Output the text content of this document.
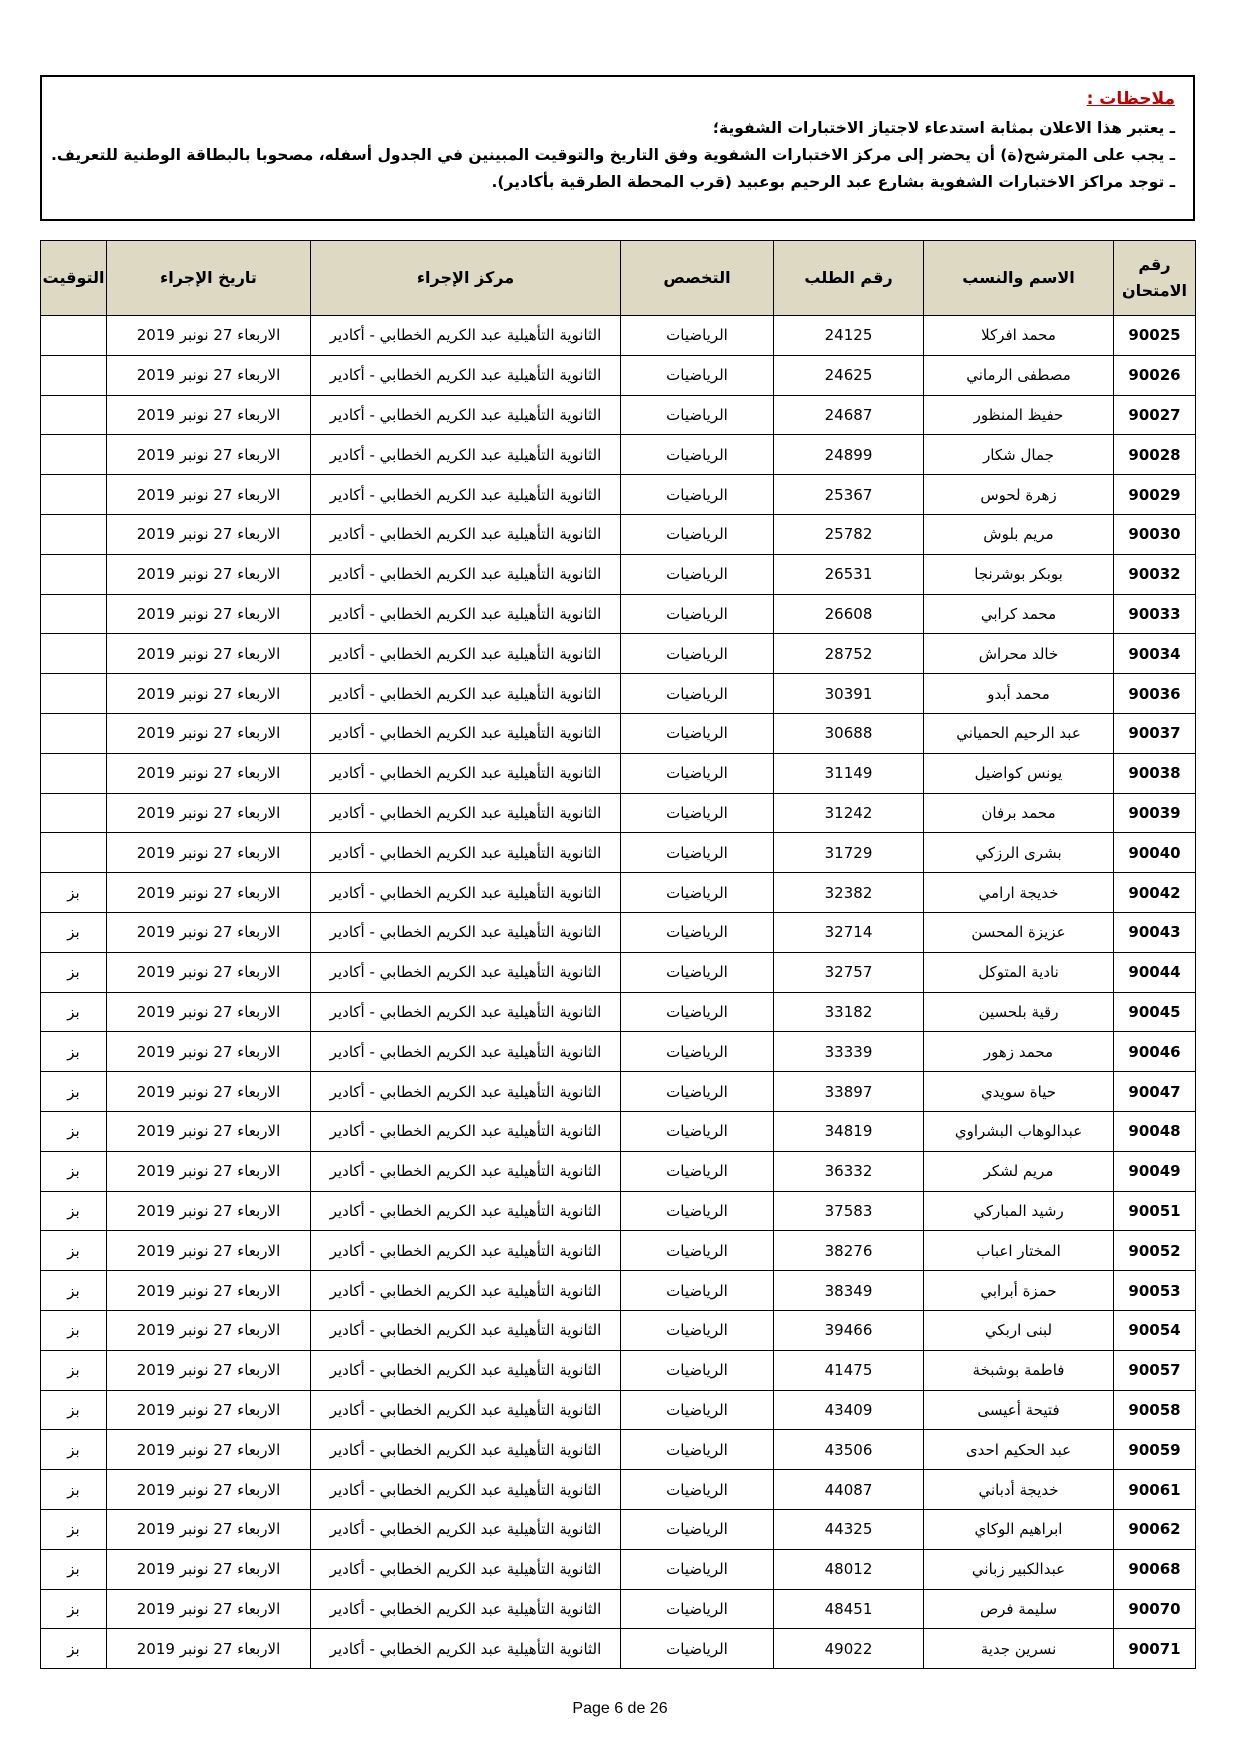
ملاحظات :
ـ يعتبر هذا الاعلان بمثابة استدعاء لاجتياز الاختبارات الشفوية؛
ـ يجب على المترشح(ة) أن يحضر إلى مركز الاختبارات الشفوية وفق التاريخ والتوقيت المبينين في الجدول أسفله، مصحوبا بالبطاقة الوطنية للتعريف.
ـ توجد مراكز الاختبارات الشفوية بشارع عبد الرحيم بوعبيد (قرب المحطة الطرقية بأكادير).
رقم الامتحان	الاسم والنسب	رقم الطلب	التخصص	مركز الإجراء	تاريخ الإجراء	التوقيت
90025	محمد افركلا	24125	الرياضيات	الثانوية التأهيلية عبد الكريم الخطابي - أكادير	الاربعاء 27 نونبر 2019	
90026	مصطفى الرماني	24625	الرياضيات	الثانوية التأهيلية عبد الكريم الخطابي - أكادير	الاربعاء 27 نونبر 2019	
90027	حفيظ المنظور	24687	الرياضيات	الثانوية التأهيلية عبد الكريم الخطابي - أكادير	الاربعاء 27 نونبر 2019	
90028	جمال شكار	24899	الرياضيات	الثانوية التأهيلية عبد الكريم الخطابي - أكادير	الاربعاء 27 نونبر 2019	
90029	زهرة لحوس	25367	الرياضيات	الثانوية التأهيلية عبد الكريم الخطابي - أكادير	الاربعاء 27 نونبر 2019	
90030	مريم بلوش	25782	الرياضيات	الثانوية التأهيلية عبد الكريم الخطابي - أكادير	الاربعاء 27 نونبر 2019	
90032	بوبكر بوشرنجا	26531	الرياضيات	الثانوية التأهيلية عبد الكريم الخطابي - أكادير	الاربعاء 27 نونبر 2019	
90033	محمد كرابي	26608	الرياضيات	الثانوية التأهيلية عبد الكريم الخطابي - أكادير	الاربعاء 27 نونبر 2019	
90034	خالد محراش	28752	الرياضيات	الثانوية التأهيلية عبد الكريم الخطابي - أكادير	الاربعاء 27 نونبر 2019	
90036	محمد أبدو	30391	الرياضيات	الثانوية التأهيلية عبد الكريم الخطابي - أكادير	الاربعاء 27 نونبر 2019	
90037	عبد الرحيم الحمياني	30688	الرياضيات	الثانوية التأهيلية عبد الكريم الخطابي - أكادير	الاربعاء 27 نونبر 2019	
90038	يونس كواضيل	31149	الرياضيات	الثانوية التأهيلية عبد الكريم الخطابي - أكادير	الاربعاء 27 نونبر 2019	
90039	محمد برفان	31242	الرياضيات	الثانوية التأهيلية عبد الكريم الخطابي - أكادير	الاربعاء 27 نونبر 2019	
90040	بشرى الرزكي	31729	الرياضيات	الثانوية التأهيلية عبد الكريم الخطابي - أكادير	الاربعاء 27 نونبر 2019	
90042	خديجة ارامي	32382	الرياضيات	الثانوية التأهيلية عبد الكريم الخطابي - أكادير	الاربعاء 27 نونبر 2019	بز
90043	عزيزة المحسن	32714	الرياضيات	الثانوية التأهيلية عبد الكريم الخطابي - أكادير	الاربعاء 27 نونبر 2019	بز
90044	نادية المتوكل	32757	الرياضيات	الثانوية التأهيلية عبد الكريم الخطابي - أكادير	الاربعاء 27 نونبر 2019	بز
90045	رقية بلحسين	33182	الرياضيات	الثانوية التأهيلية عبد الكريم الخطابي - أكادير	الاربعاء 27 نونبر 2019	بز
90046	محمد زهور	33339	الرياضيات	الثانوية التأهيلية عبد الكريم الخطابي - أكادير	الاربعاء 27 نونبر 2019	بز
90047	حياة سويدي	33897	الرياضيات	الثانوية التأهيلية عبد الكريم الخطابي - أكادير	الاربعاء 27 نونبر 2019	بز
90048	عبدالوهاب البشراوي	34819	الرياضيات	الثانوية التأهيلية عبد الكريم الخطابي - أكادير	الاربعاء 27 نونبر 2019	بز
90049	مريم لشكر	36332	الرياضيات	الثانوية التأهيلية عبد الكريم الخطابي - أكادير	الاربعاء 27 نونبر 2019	بز
90051	رشيد المباركي	37583	الرياضيات	الثانوية التأهيلية عبد الكريم الخطابي - أكادير	الاربعاء 27 نونبر 2019	بز
90052	المختار اعباب	38276	الرياضيات	الثانوية التأهيلية عبد الكريم الخطابي - أكادير	الاربعاء 27 نونبر 2019	بز
90053	حمزة أبرابي	38349	الرياضيات	الثانوية التأهيلية عبد الكريم الخطابي - أكادير	الاربعاء 27 نونبر 2019	بز
90054	لبنى اربكي	39466	الرياضيات	الثانوية التأهيلية عبد الكريم الخطابي - أكادير	الاربعاء 27 نونبر 2019	بز
90057	فاطمة بوشبخة	41475	الرياضيات	الثانوية التأهيلية عبد الكريم الخطابي - أكادير	الاربعاء 27 نونبر 2019	بز
90058	فتيحة أعيسى	43409	الرياضيات	الثانوية التأهيلية عبد الكريم الخطابي - أكادير	الاربعاء 27 نونبر 2019	بز
90059	عبد الحكيم احدى	43506	الرياضيات	الثانوية التأهيلية عبد الكريم الخطابي - أكادير	الاربعاء 27 نونبر 2019	بز
90061	خديجة أدباني	44087	الرياضيات	الثانوية التأهيلية عبد الكريم الخطابي - أكادير	الاربعاء 27 نونبر 2019	بز
90062	ابراهيم الوكاي	44325	الرياضيات	الثانوية التأهيلية عبد الكريم الخطابي - أكادير	الاربعاء 27 نونبر 2019	بز
90068	عبدالكبير زباني	48012	الرياضيات	الثانوية التأهيلية عبد الكريم الخطابي - أكادير	الاربعاء 27 نونبر 2019	بز
90070	سليمة فرص	48451	الرياضيات	الثانوية التأهيلية عبد الكريم الخطابي - أكادير	الاربعاء 27 نونبر 2019	بز
90071	نسرين جدية	49022	الرياضيات	الثانوية التأهيلية عبد الكريم الخطابي - أكادير	الاربعاء 27 نونبر 2019	بز
Page 6 de 26
